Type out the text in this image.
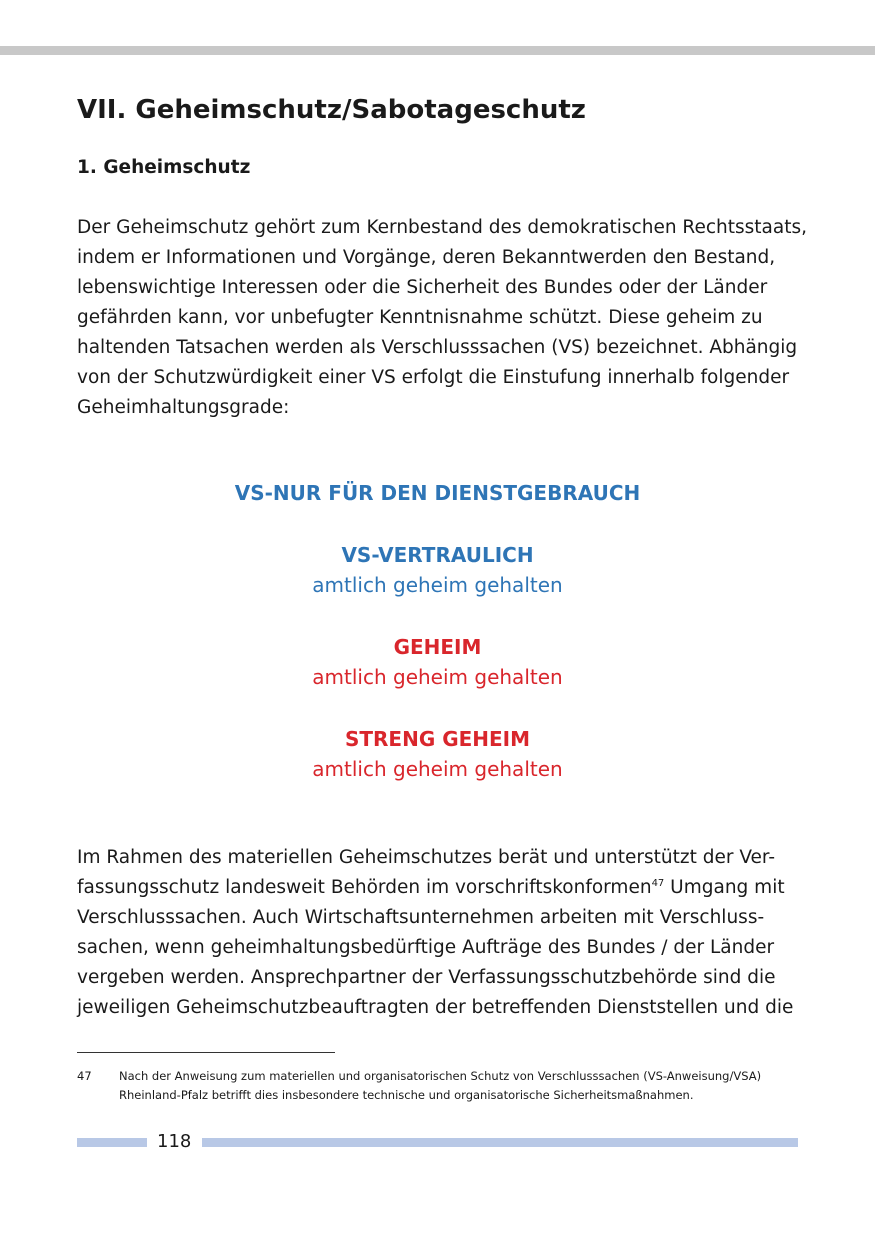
VII. Geheimschutz/Sabotageschutz
1. Geheimschutz

Der Geheimschutz gehört zum Kernbestand des demokratischen Rechtsstaats,
indem er Informationen und Vorgänge, deren Bekanntwerden den Bestand,
lebenswichtige Interessen oder die Sicherheit des Bundes oder der Länder
gefährden kann, vor unbefugter Kenntnisnahme schützt. Diese geheim zu
haltenden Tatsachen werden als Verschlusssachen (VS) bezeichnet. Abhängig
von der Schutzwürdigkeit einer VS erfolgt die Einstufung innerhalb folgender
Geheimhaltungsgrade:

VS-NUR FÜR DEN DIENSTGEBRAUCH
VS-VERTRAULICH
amtlich geheim gehalten
GEHEIM
amtlich geheim gehalten
STRENG GEHEIM
amtlich geheim gehalten

Im Rahmen des materiellen Geheimschutzes berät und unterstützt der Ver-
fassungsschutz landesweit Behörden im vorschriftskonformen$^{47}$ Umgang mit
Verschlusssachen. Auch Wirtschaftsunternehmen arbeiten mit Verschluss-
sachen, wenn geheimhaltungsbedürftige Aufträge des Bundes / der Länder
vergeben werden. Ansprechpartner der Verfassungsschutzbehörde sind die
jeweiligen Geheimschutzbeauftragten der betreffenden Dienststellen und die

47 Nach der Anweisung zum materiellen und organisatorischen Schutz von Verschlusssachen (VS-Anweisung/VSA)
Rheinland-Pfalz betrifft dies insbesondere technische und organisatorische Sicherheitsmaßnahmen.
118
